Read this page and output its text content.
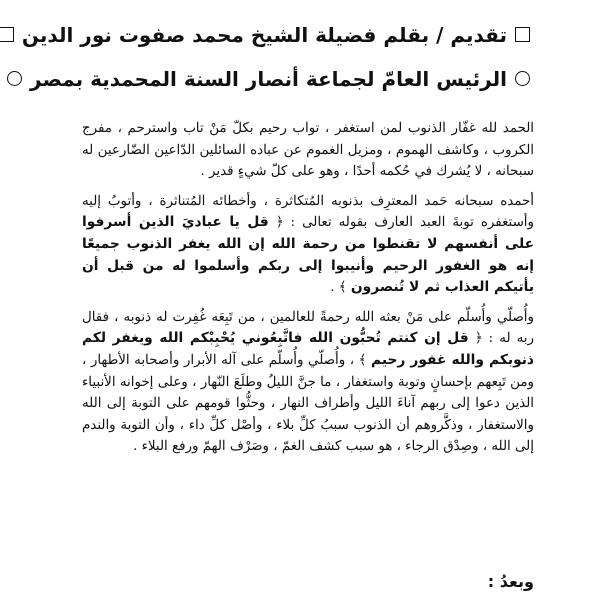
تقديم / بقلم فضيلة الشيخ محمد صفوت نور الدين
الرئيس العامّ لجماعة أنصار السنة المحمدية بمصر

الحمد لله غفّار الذنوب لمن استغفر ، تواب رحيم بكلّ مَنْ تاب واسترحم ، مفرج الكروب ، وكاشف الهموم ، ومزيل الغموم عن عباده السائلين الدّاعين الضّارعين له سبحانه ، لا يُشرك في حُكمه أحدًا ، وهو على كلّ شيءٍ قدير .

أحمده سبحانه حَمد المعترِف بذنوبه المُتكاثرة ، وأخطائه المُتناثرة ، وأتوبُ إليه وأستغفره توبةَ العبد العارف بقوله تعالى : ﴿ قل يا عباديَ الذين أسرفوا على أنفسهم لا تقنطوا من رحمة الله إن الله يغفر الذنوب جميعًا إنه هو الغفور الرحيم وأنيبوا إلى ربكم وأسلموا له من قبل أن يأتيكم العذاب ثم لا تُنصرون ﴾ .

وأُصلّي وأُسلّم على مَنْ بعثه الله رحمةً للعالمين ، من تَبِعَه غُفِرت له ذنوبه ، فقال ربه له : ﴿ قل إن كنتم تُحبُّون الله فاتَّبِعُوني يُحْبِبْكم الله ويغفر لكم ذنوبكم والله غفور رحيم ﴾ ، وأُصلّي وأُسلّم على آله الأبرار وأصحابه الأطهار ، ومن تَبِعهم بإحسانٍ وتوبة واستغفار ، ما جنَّ الليلُ وطلَعَ النّهار ، وعلى إخوانه الأنبياء الذين دعوا إلى ربهم آناءَ الليل وأطراف النهار ، وحثُّوا قومهم على التوبة إلى الله والاستغفار ، وذكَّروهم أن الذنوب سببُ كلِّ بلاء ، وأصْل كلِّ داء ، وأن التوبة والندم إلى الله ، وصِدْق الرجاء ، هو سبب كشف الغمّ ، وصَرْف الهمّ ورفع البلاء .

وبعدُ :
